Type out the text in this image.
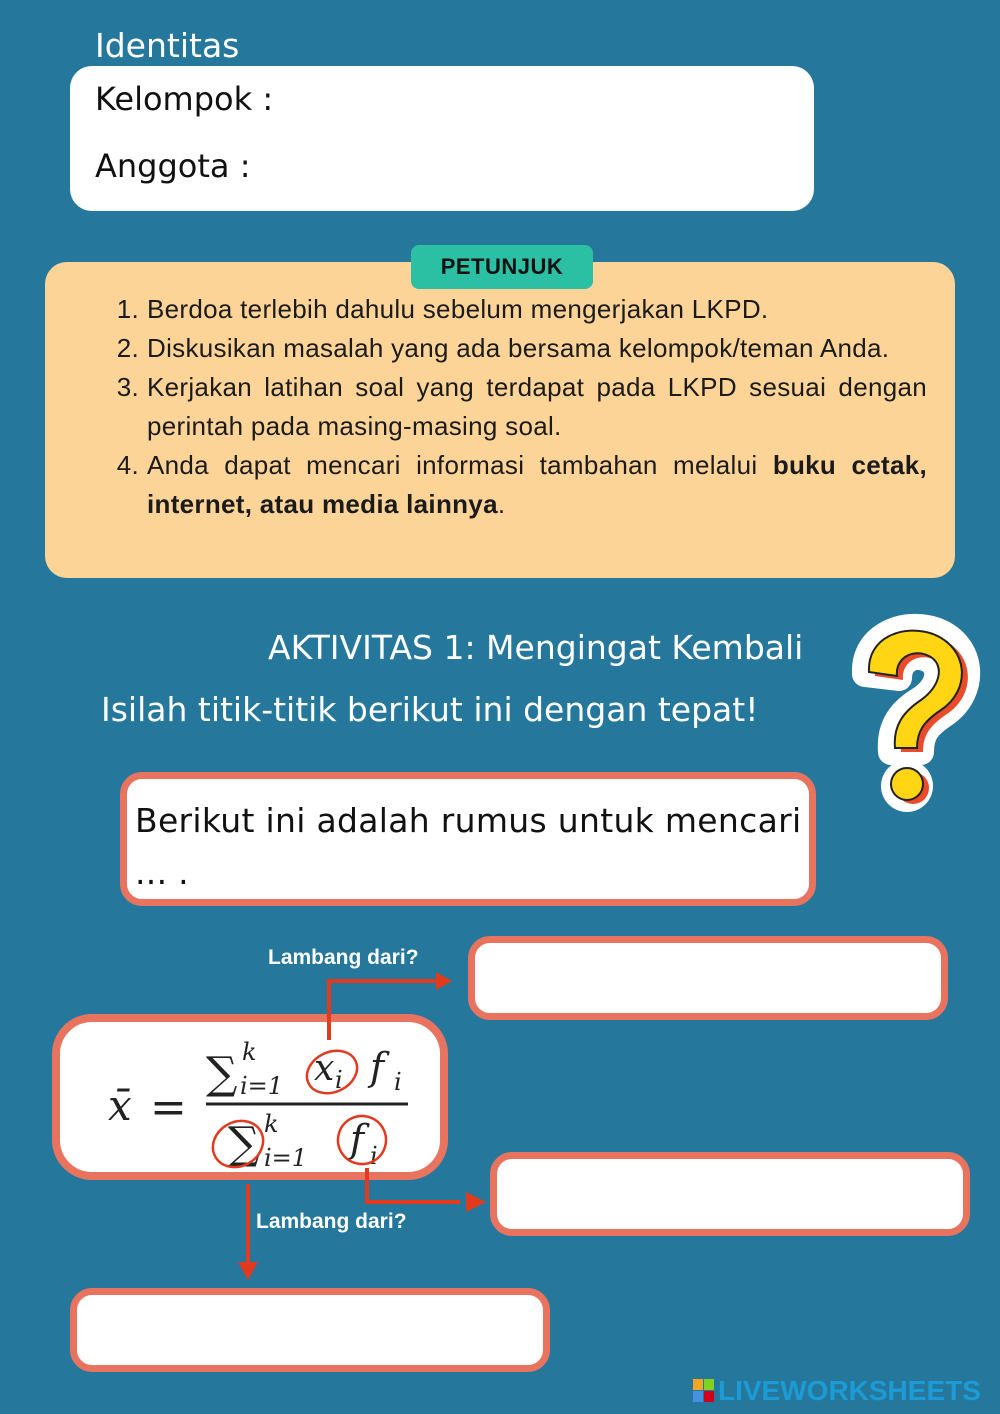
Identitas
Kelompok :
Anggota :
1. Berdoa terlebih dahulu sebelum mengerjakan LKPD.
2. Diskusikan masalah yang ada bersama kelompok/teman Anda.
3. Kerjakan latihan soal yang terdapat pada LKPD sesuai dengan perintah pada masing-masing soal.
4. Anda dapat mencari informasi tambahan melalui buku cetak, internet, atau media lainnya.
PETUNJUK
AKTIVITAS 1: Mengingat Kembali
Isilah titik-titik berikut ini dengan tepat!
Berikut ini adalah rumus untuk mencari ... .
x̄ =
∑ k
i=1 x i f i
∑ k
i=1 f i
Lambang dari?
Lambang dari?
LIVEWORKSHEETS
